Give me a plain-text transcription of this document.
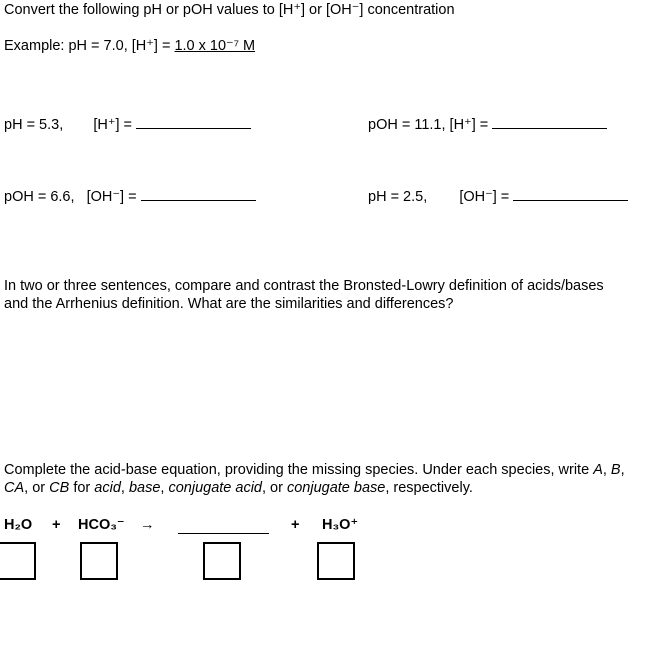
Convert the following pH or pOH values to [H⁺] or [OH⁻] concentration
Example: pH = 7.0, [H⁺] = 1.0 x 10⁻⁷ M
pH = 5.3, [H⁺] =	pOH = 11.1, [H⁺] =
pOH = 6.6, [OH⁻] =	pH = 2.5, [OH⁻] =
In two or three sentences, compare and contrast the Bronsted-Lowry definition of acids/bases and the Arrhenius definition. What are the similarities and differences?
Complete the acid-base equation, providing the missing species. Under each species, write A, B, CA, or CB for acid, base, conjugate acid, or conjugate base, respectively.
H₂O + HCO₃⁻ →	+ H₃O⁺
